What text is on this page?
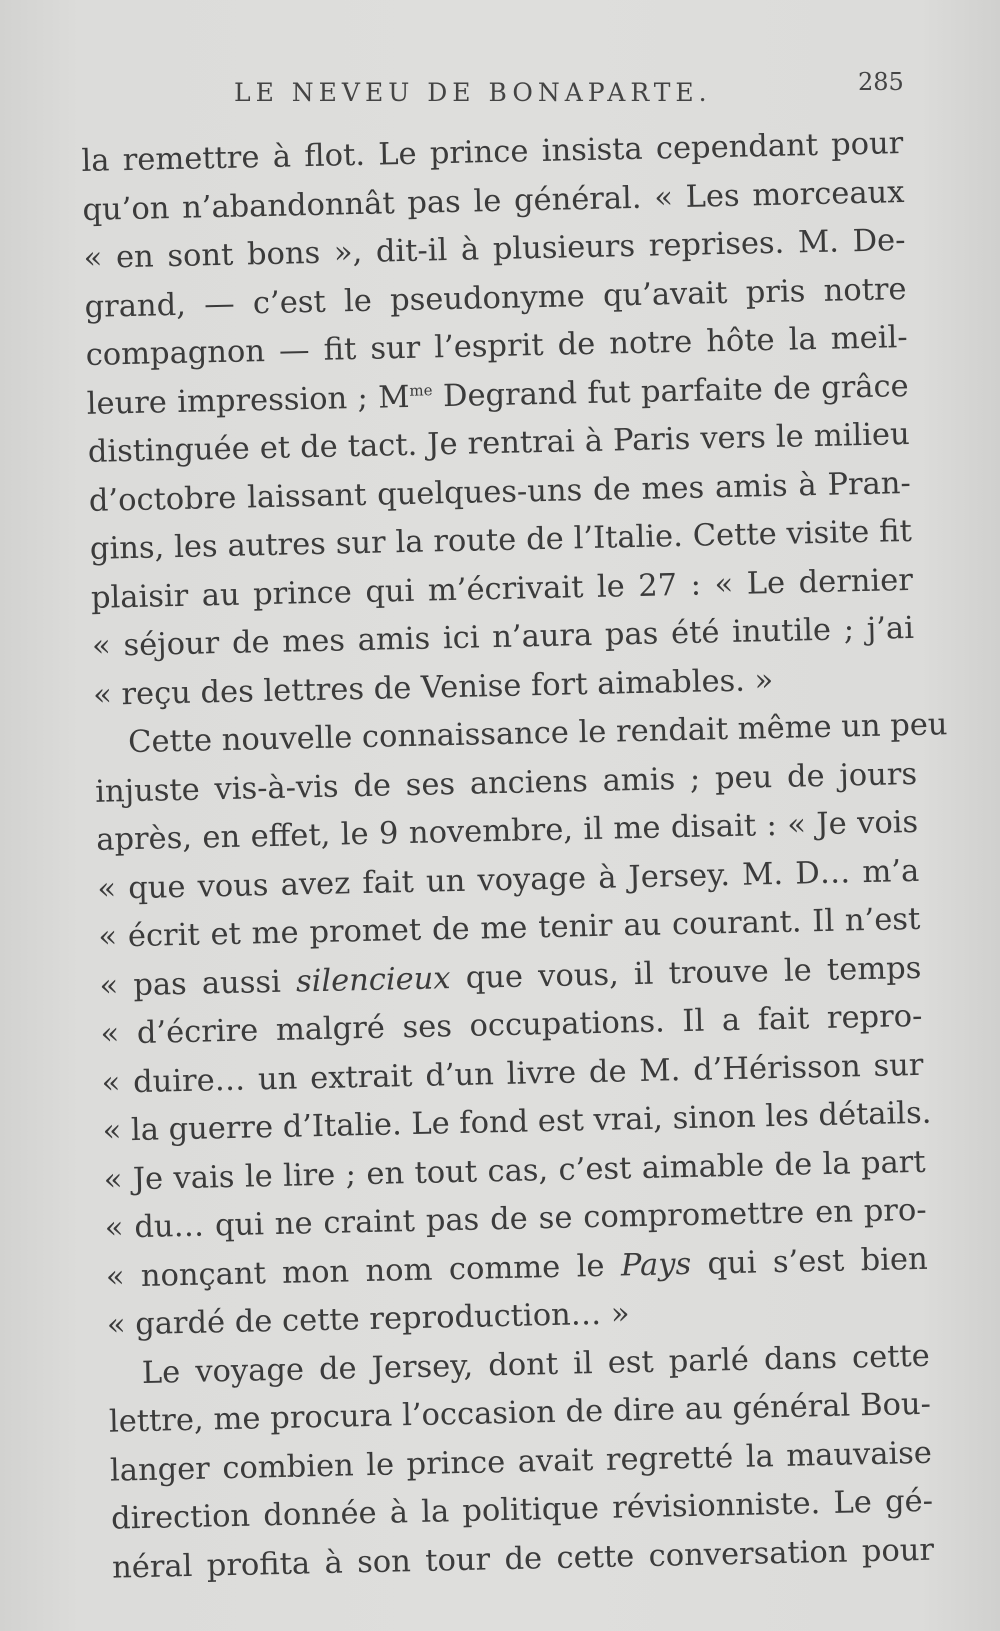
LE NEVEU DE BONAPARTE.	285
la remettre à flot. Le prince insista cependant pour
qu’on n’abandonnât pas le général. « Les morceaux
« en sont bons », dit-il à plusieurs reprises. M. De-
grand, — c’est le pseudonyme qu’avait pris notre
compagnon — fit sur l’esprit de notre hôte la meil-
leure impression ; $M^{me}$ Degrand fut parfaite de grâce
distinguée et de tact. Je rentrai à Paris vers le milieu
d’octobre laissant quelques-uns de mes amis à Pran-
gins, les autres sur la route de l’Italie. Cette visite fit
plaisir au prince qui m’écrivait le 27 : « Le dernier
« séjour de mes amis ici n’aura pas été inutile ; j’ai
« reçu des lettres de Venise fort aimables. »
Cette nouvelle connaissance le rendait même un peu
injuste vis-à-vis de ses anciens amis ; peu de jours
après, en effet, le 9 novembre, il me disait : « Je vois
« que vous avez fait un voyage à Jersey. M. D… m’a
« écrit et me promet de me tenir au courant. Il n’est
« pas aussi silencieux que vous, il trouve le temps
« d’écrire malgré ses occupations. Il a fait repro-
« duire… un extrait d’un livre de M. d’Hérisson sur
« la guerre d’Italie. Le fond est vrai, sinon les détails.
« Je vais le lire ; en tout cas, c’est aimable de la part
« du… qui ne craint pas de se compromettre en pro-
« nonçant mon nom comme le Pays qui s’est bien
« gardé de cette reproduction… »
Le voyage de Jersey, dont il est parlé dans cette
lettre, me procura l’occasion de dire au général Bou-
langer combien le prince avait regretté la mauvaise
direction donnée à la politique révisionniste. Le gé-
néral profita à son tour de cette conversation pour
